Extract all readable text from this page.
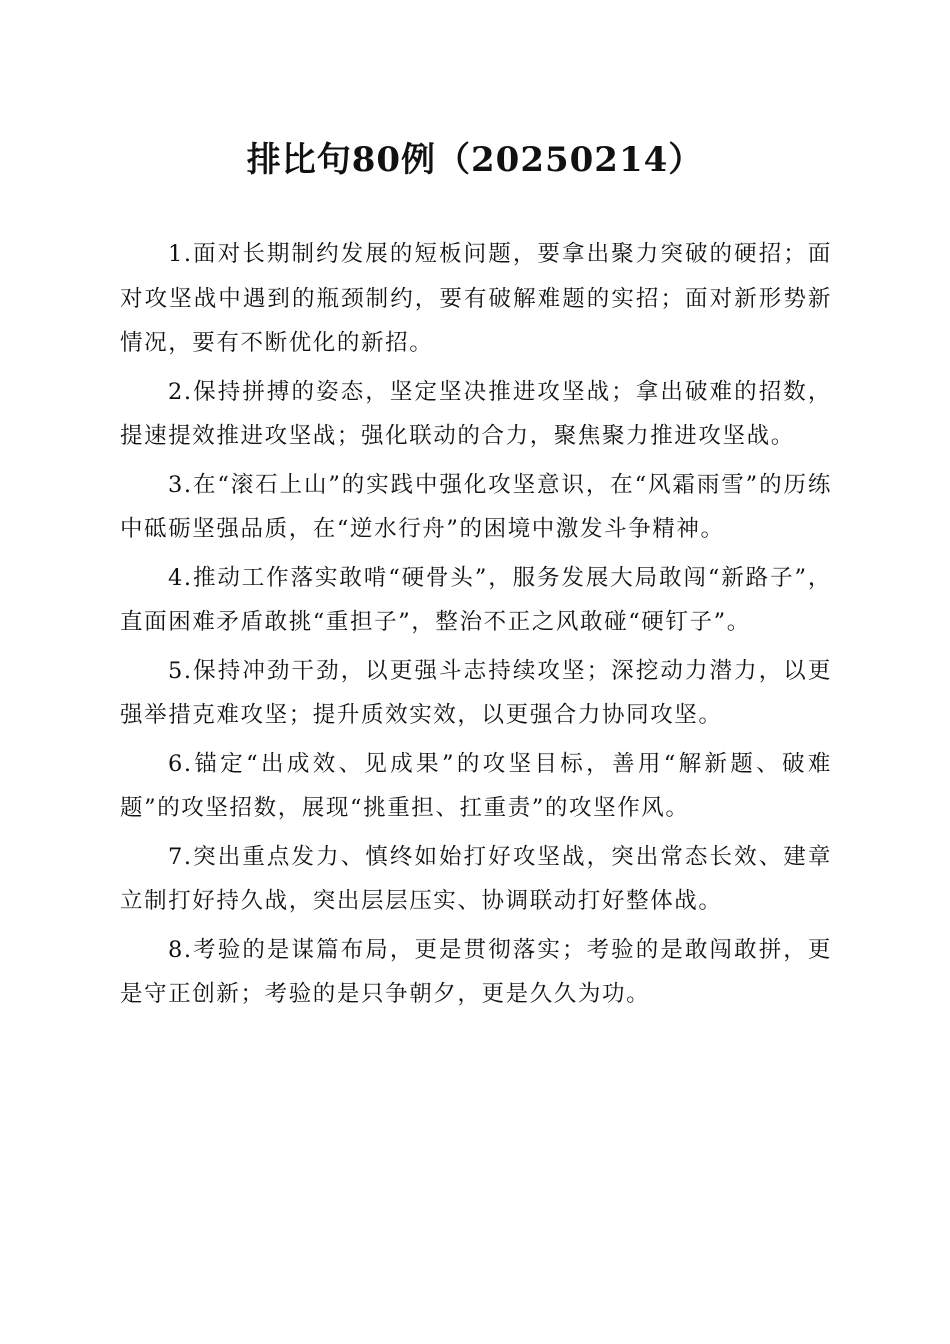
排比句80例（20250214）

1.面对长期制约发展的短板问题，要拿出聚力突破的硬招；面对攻坚战中遇到的瓶颈制约，要有破解难题的实招；面对新形势新情况，要有不断优化的新招。

2.保持拼搏的姿态，坚定坚决推进攻坚战；拿出破难的招数，提速提效推进攻坚战；强化联动的合力，聚焦聚力推进攻坚战。

3.在“滚石上山”的实践中强化攻坚意识，在“风霜雨雪”的历练中砥砺坚强品质，在“逆水行舟”的困境中激发斗争精神。

4.推动工作落实敢啃“硬骨头”，服务发展大局敢闯“新路子”，直面困难矛盾敢挑“重担子”，整治不正之风敢碰“硬钉子”。

5.保持冲劲干劲，以更强斗志持续攻坚；深挖动力潜力，以更强举措克难攻坚；提升质效实效，以更强合力协同攻坚。

6.锚定“出成效、见成果”的攻坚目标，善用“解新题、破难题”的攻坚招数，展现“挑重担、扛重责”的攻坚作风。

7.突出重点发力、慎终如始打好攻坚战，突出常态长效、建章立制打好持久战，突出层层压实、协调联动打好整体战。

8.考验的是谋篇布局，更是贯彻落实；考验的是敢闯敢拼，更是守正创新；考验的是只争朝夕，更是久久为功。
